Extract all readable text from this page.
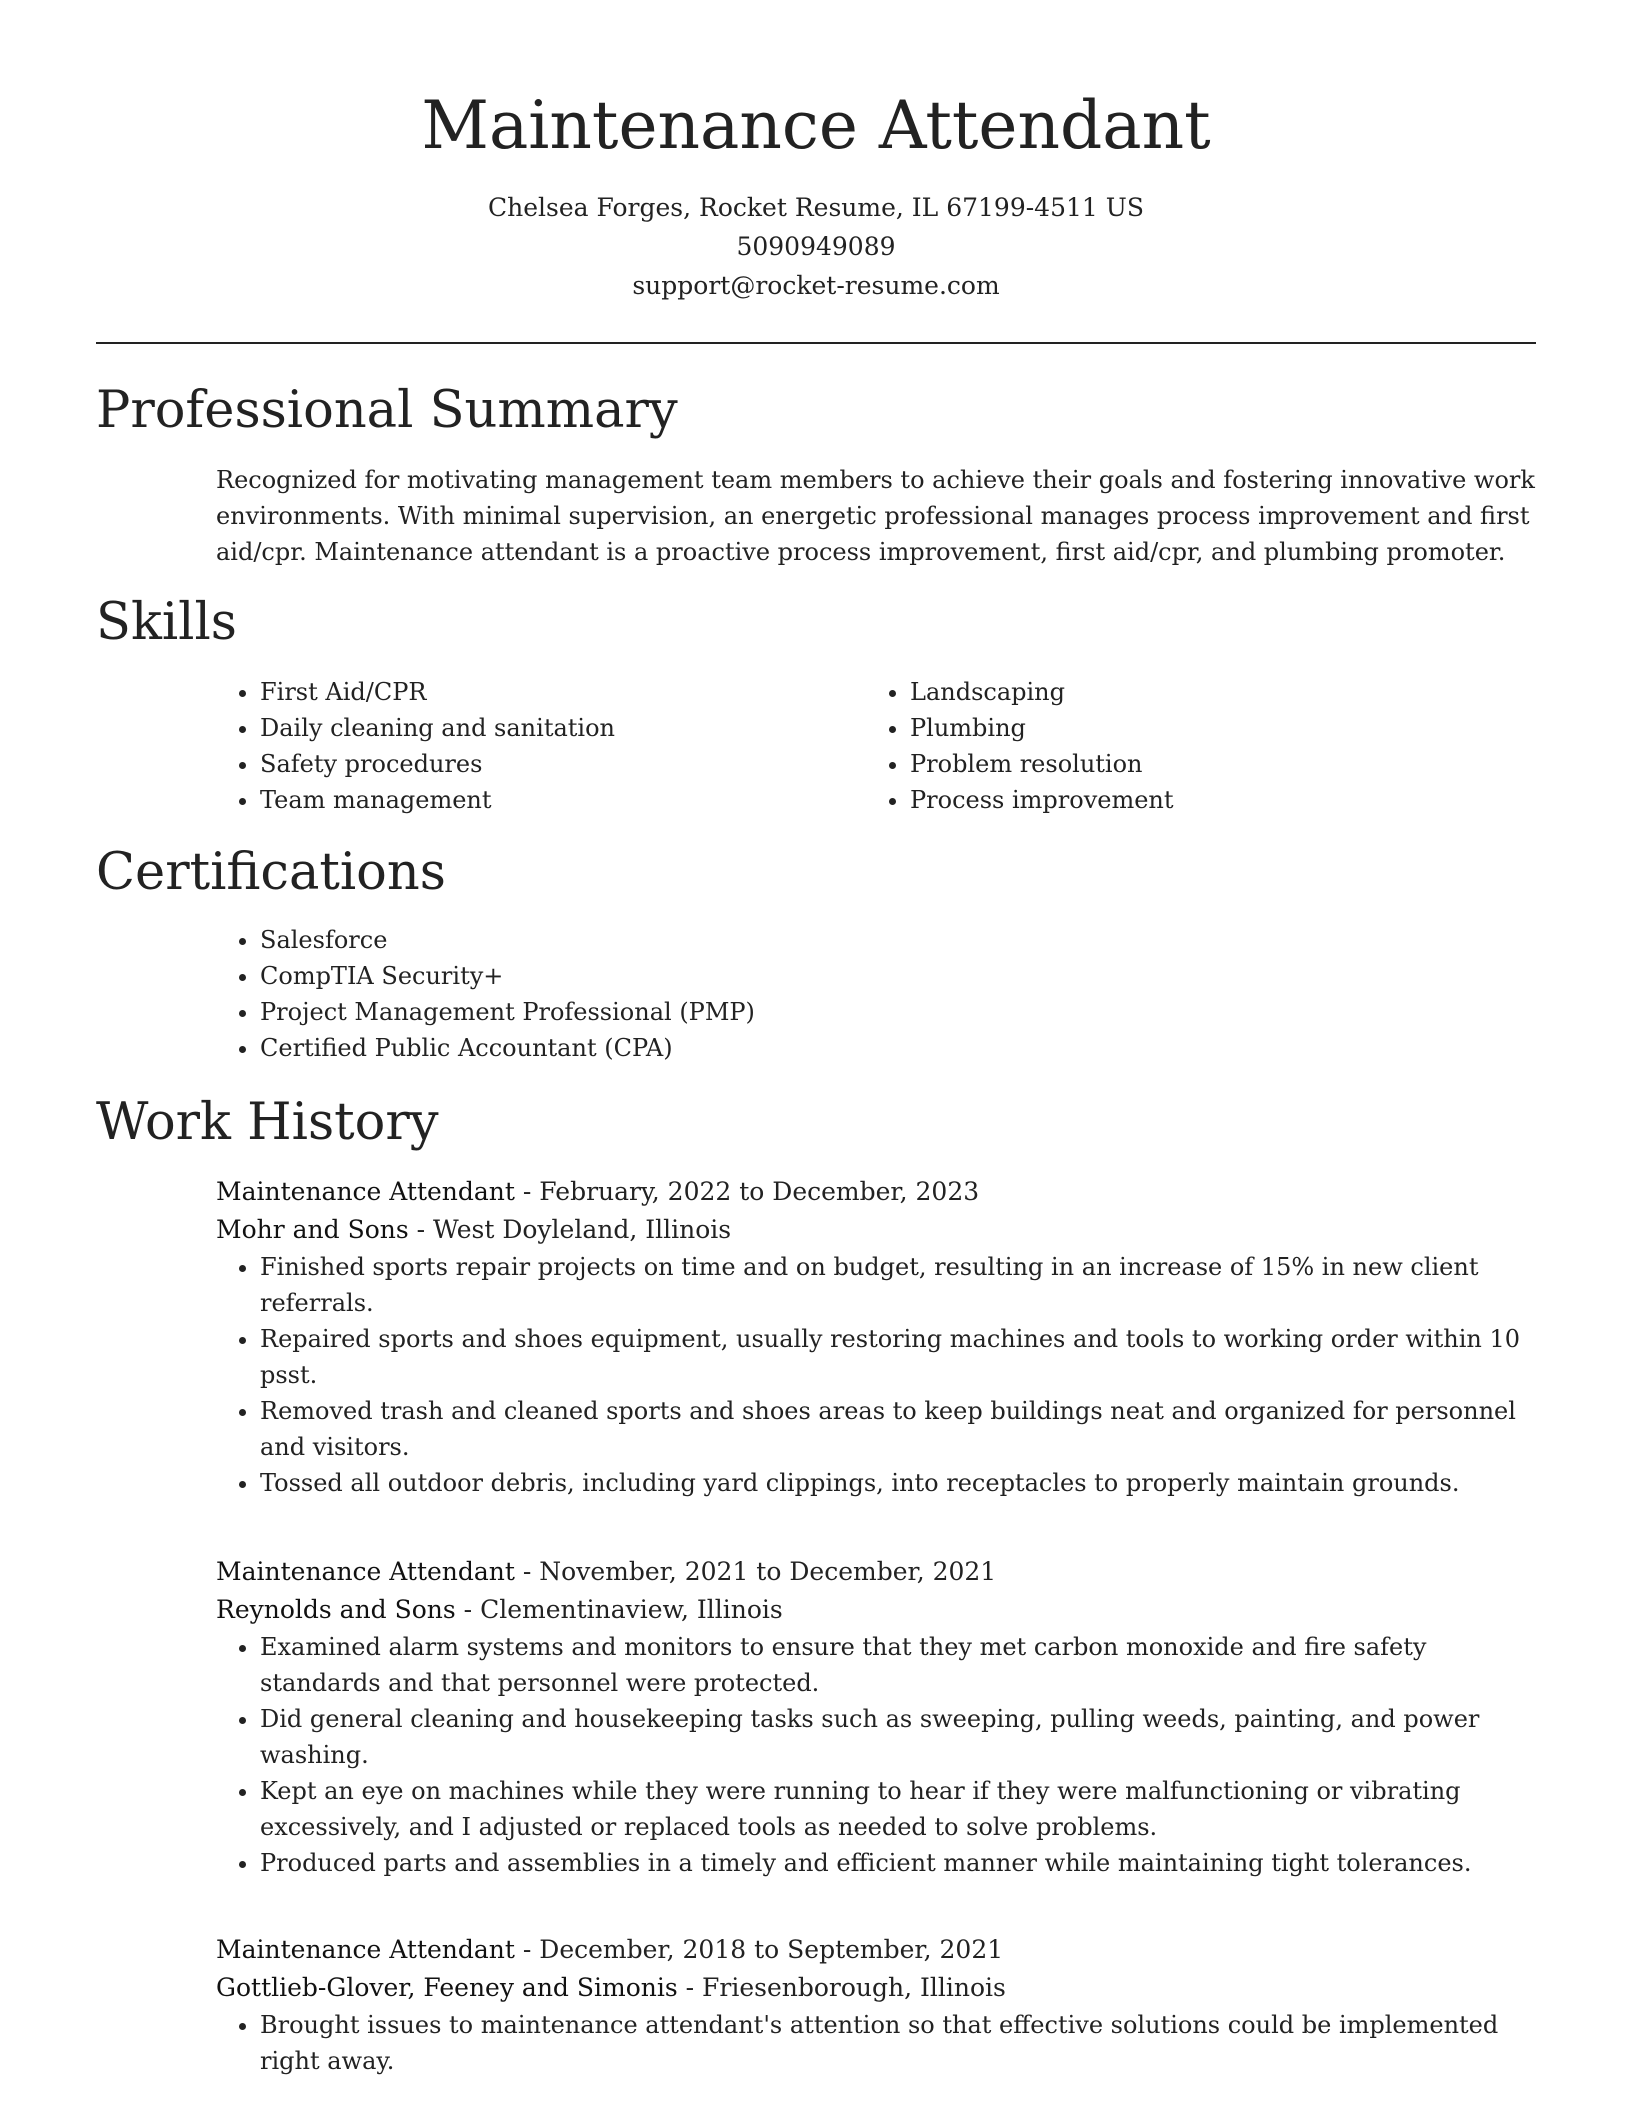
Maintenance Attendant
Chelsea Forges, Rocket Resume, IL 67199-4511 US
5090949089
support@rocket-resume.com
Professional Summary

Recognized for motivating management team members to achieve their goals and fostering innovative work environments. With minimal supervision, an energetic professional manages process improvement and first aid/cpr. Maintenance attendant is a proactive process improvement, first aid/cpr, and plumbing promoter.

Skills
• First Aid/CPR
• Daily cleaning and sanitation
• Safety procedures
• Team management
• Landscaping
• Plumbing
• Problem resolution
• Process improvement
Certifications
• Salesforce
• CompTIA Security+
• Project Management Professional (PMP)
• Certified Public Accountant (CPA)
Work History
Maintenance Attendant - February, 2022 to December, 2023
Mohr and Sons - West Doyleland, Illinois
• Finished sports repair projects on time and on budget, resulting in an increase of 15% in new client referrals.
• Repaired sports and shoes equipment, usually restoring machines and tools to working order within 10 psst.
• Removed trash and cleaned sports and shoes areas to keep buildings neat and organized for personnel and visitors.
• Tossed all outdoor debris, including yard clippings, into receptacles to properly maintain grounds.
Maintenance Attendant - November, 2021 to December, 2021
Reynolds and Sons - Clementinaview, Illinois
• Examined alarm systems and monitors to ensure that they met carbon monoxide and fire safety standards and that personnel were protected.
• Did general cleaning and housekeeping tasks such as sweeping, pulling weeds, painting, and power washing.
• Kept an eye on machines while they were running to hear if they were malfunctioning or vibrating excessively, and I adjusted or replaced tools as needed to solve problems.
• Produced parts and assemblies in a timely and efficient manner while maintaining tight tolerances.
Maintenance Attendant - December, 2018 to September, 2021
Gottlieb-Glover, Feeney and Simonis - Friesenborough, Illinois
• Brought issues to maintenance attendant's attention so that effective solutions could be implemented right away.
